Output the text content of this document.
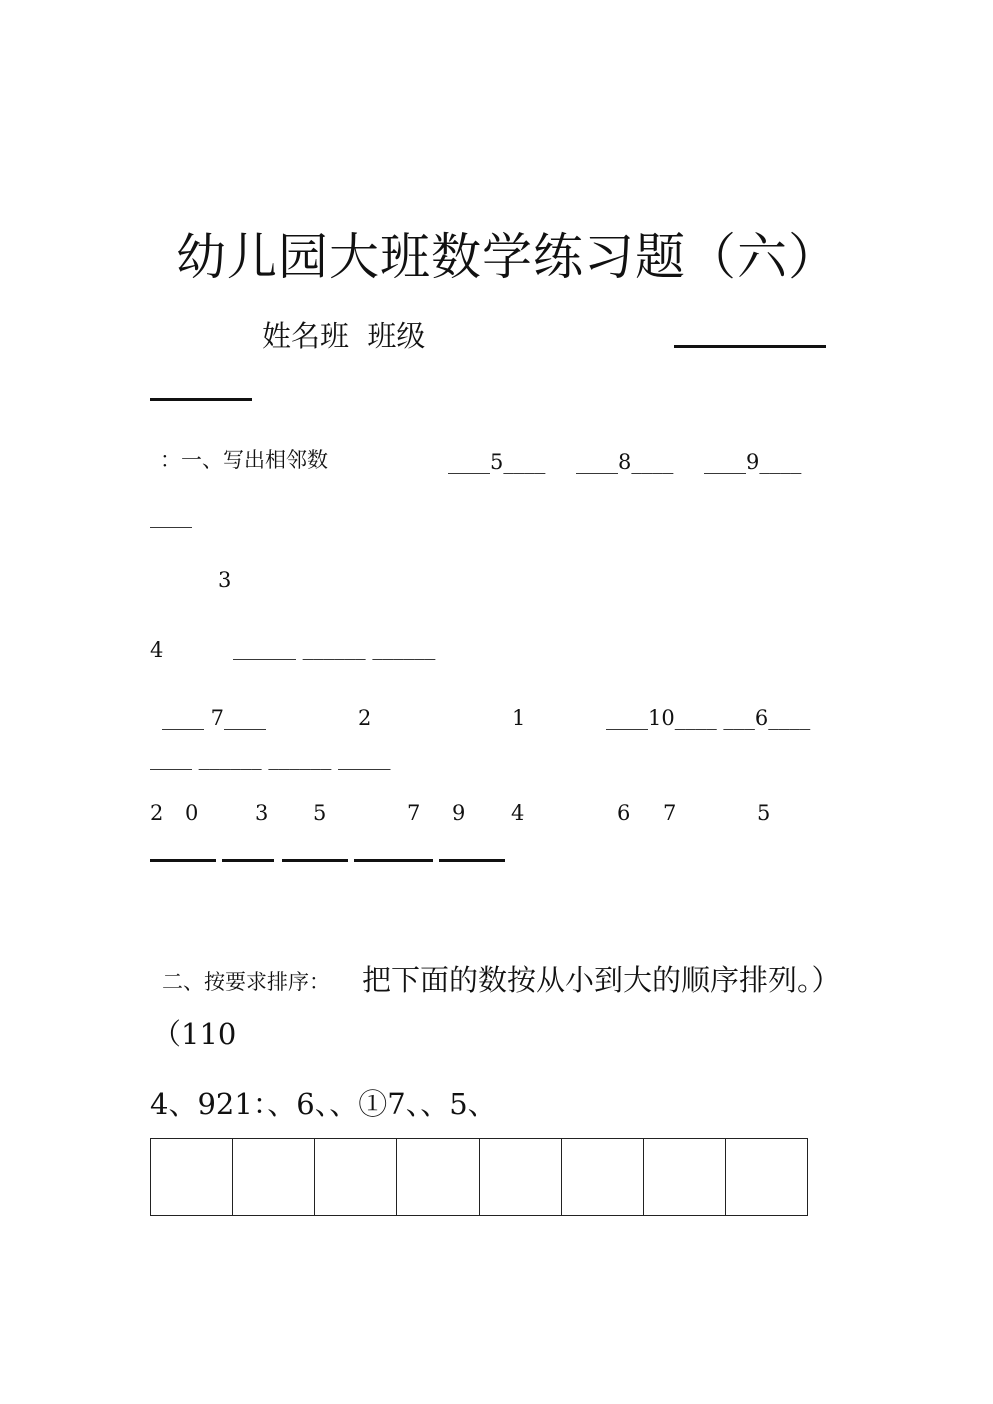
幼儿园大班数学练习题（六）
姓名班  班级
：一、写出相邻数	____5____ ____8____ ____9____
____
3
4	______ ______ ______
____ 7____	2	1	____10____ ___6____
____ ______ ______ _____
2 0	3 5	7 9 4	6 7	5
二、按要求排序： 把下面的数按从小到大的顺序排列。）
（110
4、921：、6、、①7、、5、
